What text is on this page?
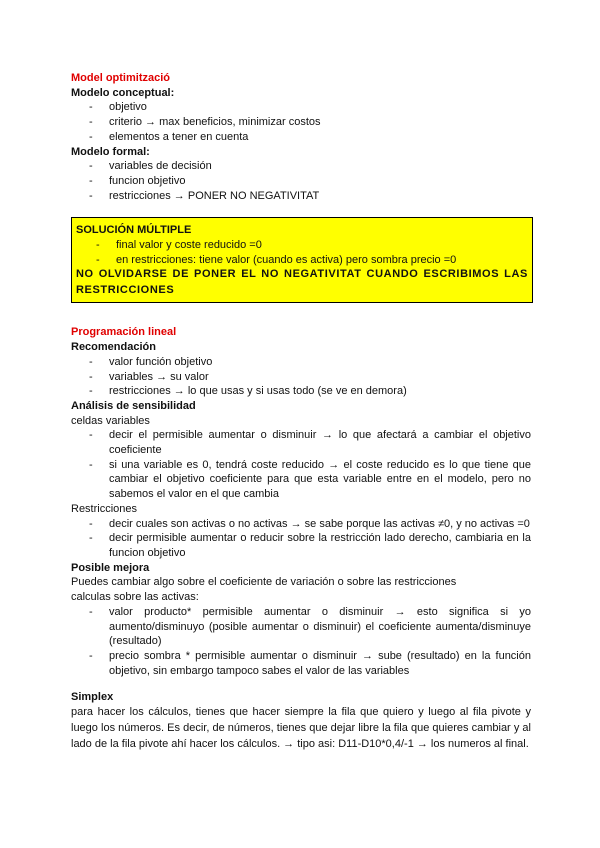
Model optimització
Modelo conceptual:
- objetivo
- criterio → max beneficios, minimizar costos
- elementos a tener en cuenta
Modelo formal:
- variables de decisión
- funcion objetivo
- restricciones → PONER NO NEGATIVITAT
SOLUCIÓN MÚLTIPLE
- final valor y coste reducido =0
- en restricciones: tiene valor (cuando es activa) pero sombra precio =0
NO OLVIDARSE DE PONER EL NO NEGATIVITAT CUANDO ESCRIBIMOS LAS RESTRICCIONES
Programación lineal
Recomendación
- valor función objetivo
- variables → su valor
- restricciones → lo que usas y si usas todo (se ve en demora)
Análisis de sensibilidad
celdas variables
- decir el permisible aumentar o disminuir → lo que afectará a cambiar el objetivo coeficiente
- si una variable es 0, tendrá coste reducido → el coste reducido es lo que tiene que cambiar el objetivo coeficiente para que esta variable entre en el modelo, pero no sabemos el valor en el que cambia
Restricciones
- decir cuales son activas o no activas → se sabe porque las activas ≠0, y no activas =0
- decir permisible aumentar o reducir sobre la restricción lado derecho, cambiaria en la funcion objetivo
Posible mejora
Puedes cambiar algo sobre el coeficiente de variación o sobre las restricciones
calculas sobre las activas:
- valor producto* permisible aumentar o disminuir → esto significa si yo aumento/disminuyo (posible aumentar o disminuir) el coeficiente aumenta/disminuye (resultado)
- precio sombra * permisible aumentar o disminuir → sube (resultado) en la función objetivo, sin embargo tampoco sabes el valor de las variables
Simplex
para hacer los cálculos, tienes que hacer siempre la fila que quiero y luego al fila pivote y luego los números. Es decir, de números, tienes que dejar libre la fila que quieres cambiar y al lado de la fila pivote ahí hacer los cálculos. → tipo asi: D11-D10*0,4/-1 → los numeros al final.
